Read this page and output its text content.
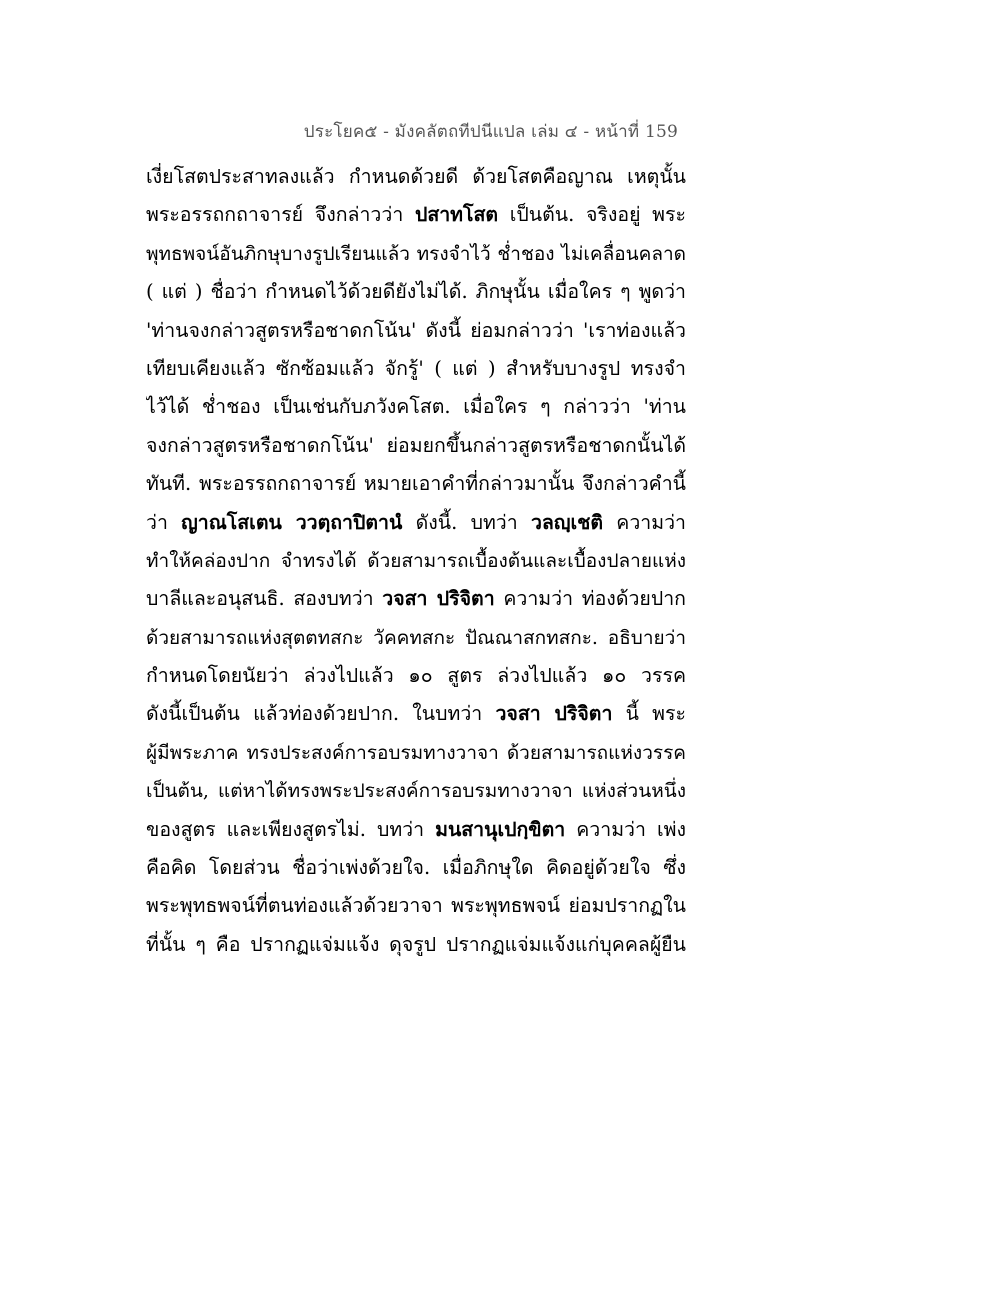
ประโยค๕ - มังคลัตถทีปนีแปล เล่ม ๔ - หน้าที่ 159
เงี่ยโสตประสาทลงแล้ว กำหนดด้วยดี ด้วยโสตคือญาณ เหตุนั้น
พระอรรถกถาจารย์ จึงกล่าวว่า ปสาทโสต เป็นต้น. จริงอยู่ พระ
พุทธพจน์อันภิกษุบางรูปเรียนแล้ว ทรงจำไว้ ช่ำชอง ไม่เคลื่อนคลาด
( แต่ ) ชื่อว่า กำหนดไว้ด้วยดียังไม่ได้. ภิกษุนั้น เมื่อใคร ๆ พูดว่า
'ท่านจงกล่าวสูตรหรือชาดกโน้น' ดังนี้ ย่อมกล่าวว่า 'เราท่องแล้ว
เทียบเคียงแล้ว ซักซ้อมแล้ว จักรู้' ( แต่ ) สำหรับบางรูป ทรงจำ
ไว้ได้ ช่ำชอง เป็นเช่นกับภวังคโสต. เมื่อใคร ๆ กล่าวว่า 'ท่าน
จงกล่าวสูตรหรือชาดกโน้น' ย่อมยกขึ้นกล่าวสูตรหรือชาดกนั้นได้
ทันที. พระอรรถกถาจารย์ หมายเอาคำที่กล่าวมานั้น จึงกล่าวคำนี้
ว่า ญาณโสเตน ววตฺถาปิตานํ ดังนี้. บทว่า วลญฺเชติ ความว่า
ทำให้คล่องปาก จำทรงได้ ด้วยสามารถเบื้องต้นและเบื้องปลายแห่ง
บาลีและอนุสนธิ. สองบทว่า วจสา ปริจิตา ความว่า ท่องด้วยปาก
ด้วยสามารถแห่งสุตตทสกะ วัคคทสกะ ปัณณาสกทสกะ. อธิบายว่า
กำหนดโดยนัยว่า ล่วงไปแล้ว ๑๐ สูตร ล่วงไปแล้ว ๑๐ วรรค
ดังนี้เป็นต้น แล้วท่องด้วยปาก. ในบทว่า วจสา ปริจิตา นี้ พระ
ผู้มีพระภาค ทรงประสงค์การอบรมทางวาจา ด้วยสามารถแห่งวรรค
เป็นต้น, แต่หาได้ทรงพระประสงค์การอบรมทางวาจา แห่งส่วนหนึ่ง
ของสูตร และเพียงสูตรไม่. บทว่า มนสานุเปกฺขิตา ความว่า เพ่ง
คือคิด โดยส่วน ชื่อว่าเพ่งด้วยใจ. เมื่อภิกษุใด คิดอยู่ด้วยใจ ซึ่ง
พระพุทธพจน์ที่ตนท่องแล้วด้วยวาจา พระพุทธพจน์ ย่อมปรากฏใน
ที่นั้น ๆ คือ ปรากฏแจ่มแจ้ง ดุจรูป ปรากฏแจ่มแจ้งแก่บุคคลผู้ยืน
